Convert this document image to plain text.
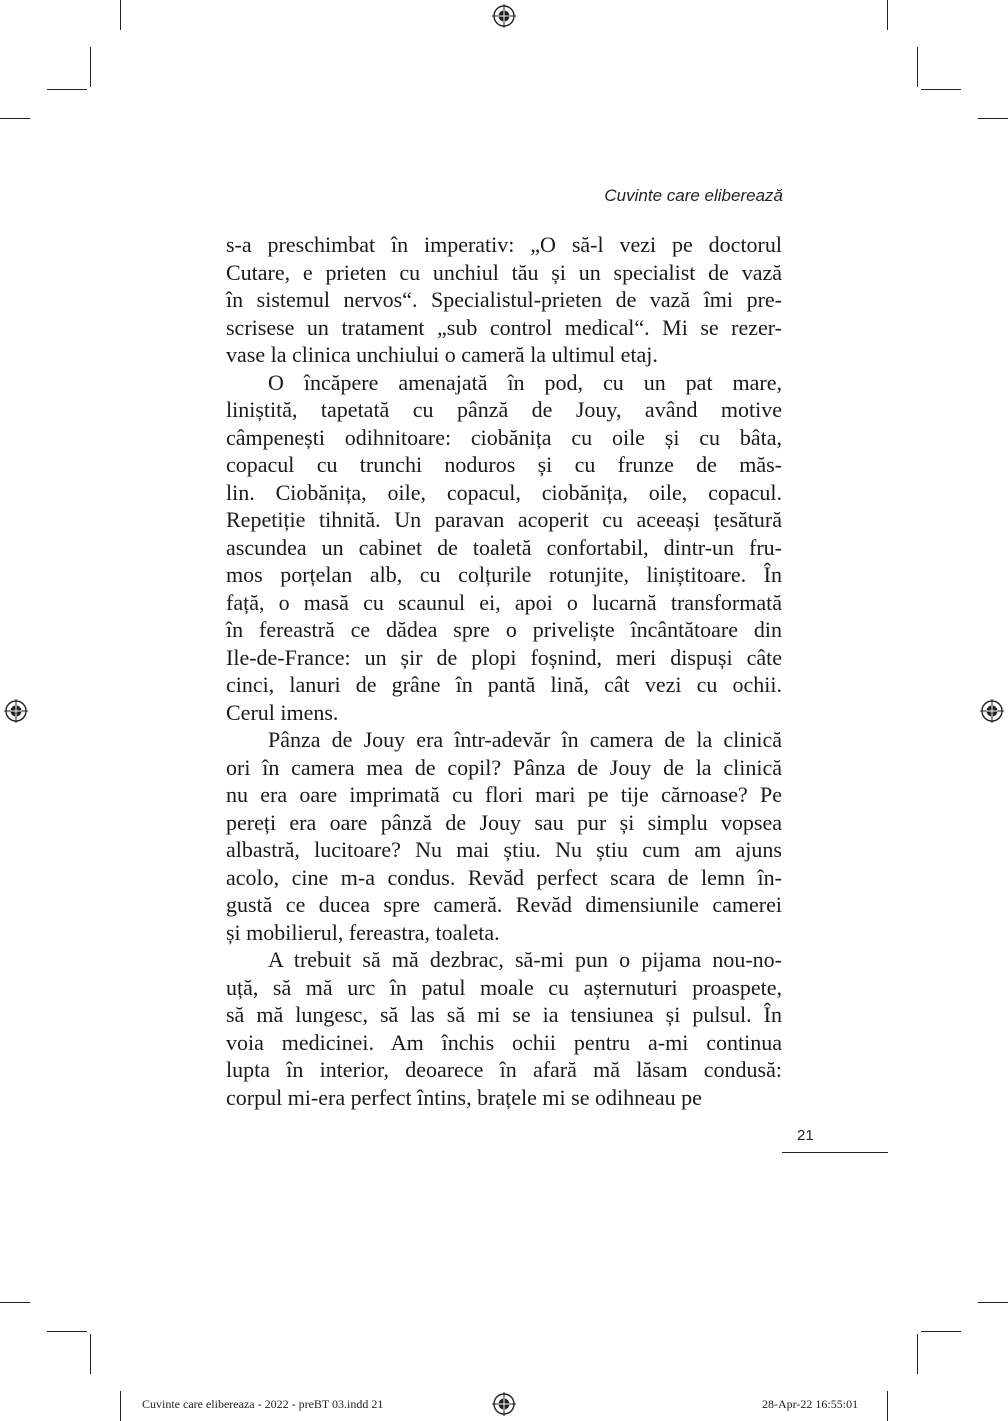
Cuvinte care eliberează
s-a preschimbat în imperativ: „O să-l vezi pe doctorul
Cutare, e prieten cu unchiul tău și un specialist de vază
în sistemul nervos“. Specialistul-prieten de vază îmi pre-
scrisese un tratament „sub control medical“. Mi se rezer-
vase la clinica unchiului o cameră la ultimul etaj.
O încăpere amenajată în pod, cu un pat mare,
liniștită, tapetată cu pânză de Jouy, având motive
câmpenești odihnitoare: ciobănița cu oile și cu bâta,
copacul cu trunchi noduros și cu frunze de măs-
lin. Ciobănița, oile, copacul, ciobănița, oile, copacul.
Repetiție tihnită. Un paravan acoperit cu aceeași țesătură
ascundea un cabinet de toaletă confortabil, dintr-un fru-
mos porțelan alb, cu colțurile rotunjite, liniștitoare. În
față, o masă cu scaunul ei, apoi o lucarnă transformată
în fereastră ce dădea spre o priveliște încântătoare din
Ile-de-France: un șir de plopi foșnind, meri dispuși câte
cinci, lanuri de grâne în pantă lină, cât vezi cu ochii.
Cerul imens.
Pânza de Jouy era într-adevăr în camera de la clinică
ori în camera mea de copil? Pânza de Jouy de la clinică
nu era oare imprimată cu flori mari pe tije cărnoase? Pe
pereți era oare pânză de Jouy sau pur și simplu vopsea
albastră, lucitoare? Nu mai știu. Nu știu cum am ajuns
acolo, cine m-a condus. Revăd perfect scara de lemn în-
gustă ce ducea spre cameră. Revăd dimensiunile camerei
și mobilierul, fereastra, toaleta.
A trebuit să mă dezbrac, să-mi pun o pijama nou-no-
uță, să mă urc în patul moale cu așternuturi proaspete,
să mă lungesc, să las să mi se ia tensiunea și pulsul. În
voia medicinei. Am închis ochii pentru a-mi continua
lupta în interior, deoarece în afară mă lăsam condusă:
corpul mi-era perfect întins, brațele mi se odihneau pe
21
Cuvinte care elibereaza - 2022 - preBT 03.indd 21	28-Apr-22 16:55:01
